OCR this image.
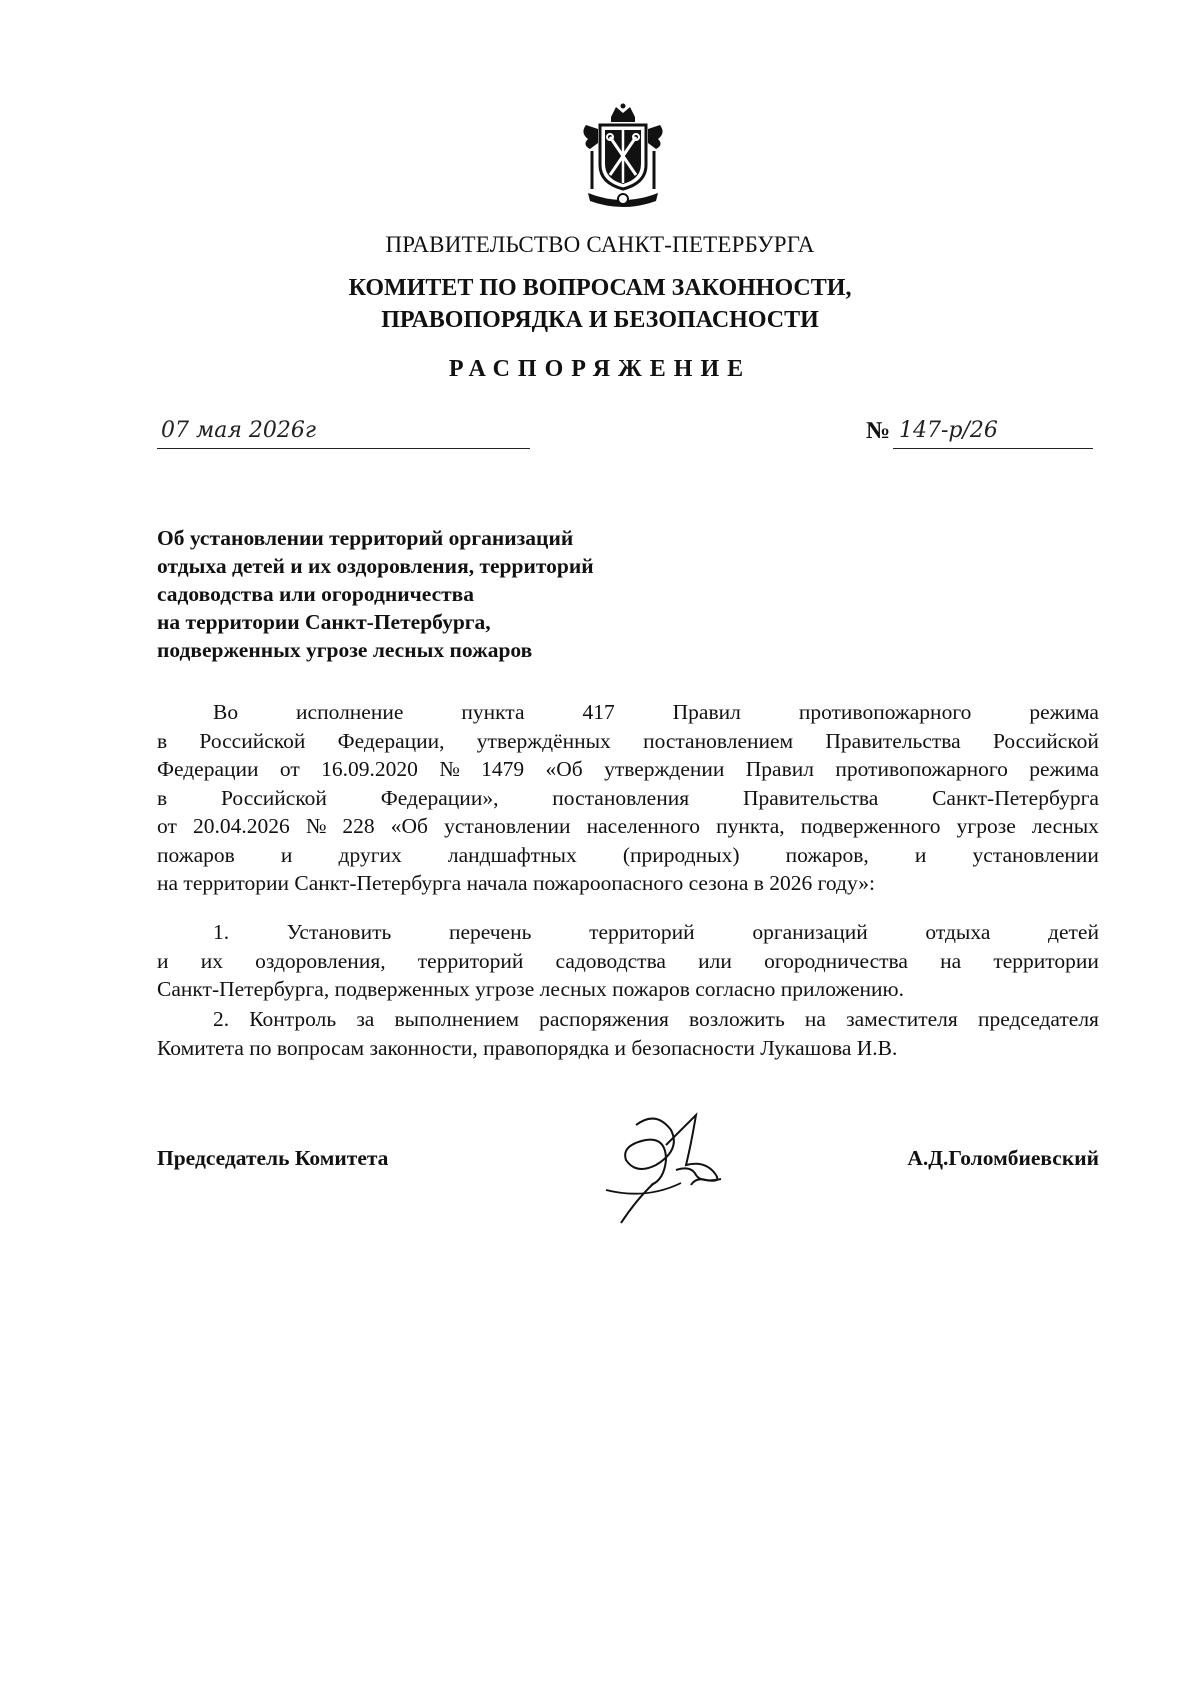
ПРАВИТЕЛЬСТВО САНКТ-ПЕТЕРБУРГА
КОМИТЕТ ПО ВОПРОСАМ ЗАКОННОСТИ,
ПРАВОПОРЯДКА И БЕЗОПАСНОСТИ
РАСПОРЯЖЕНИЕ
07 мая 2026г	№ 147-р/26
Об установлении территорий организаций
отдыха детей и их оздоровления, территорий
садоводства или огородничества
на территории Санкт-Петербурга,
подверженных угрозе лесных пожаров
Во	исполнение	пункта	417	Правил	противопожарного	режима
в Российской Федерации, утверждённых постановлением Правительства Российской
Федерации от 16.09.2020 № 1479 «Об утверждении Правил противопожарного режима
в	Российской	Федерации»,	постановления	Правительства	Санкт-Петербурга
от 20.04.2026 № 228 «Об установлении населенного пункта, подверженного угрозе лесных
пожаров и других ландшафтных (природных) пожаров, и установлении
на территории Санкт-Петербурга начала пожароопасного сезона в 2026 году»:
1.	Установить	перечень	территорий	организаций	отдыха	детей
и их оздоровления, территорий садоводства или огородничества на территории
Санкт-Петербурга, подверженных угрозе лесных пожаров согласно приложению.
2. Контроль за выполнением распоряжения возложить на заместителя председателя
Комитета по вопросам законности, правопорядка и безопасности Лукашова И.В.
Председатель Комитета	А.Д.Голомбиевский
